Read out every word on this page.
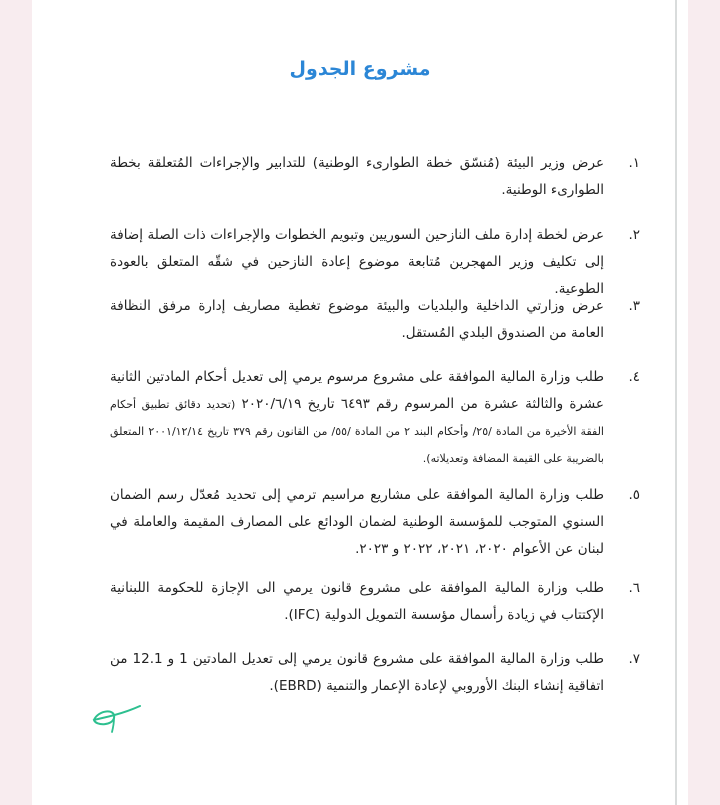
مشروع الجدول
١.
عرض وزير البيئة (مُنسّق خطة الطوارىء الوطنية) للتدابير والإجراءات المُتعلقة بخطة الطوارىء الوطنية.
٢.
عرض لخطة إدارة ملف النازحين السوريين وتبويم الخطوات والإجراءات ذات الصلة إضافة إلى تكليف وزير المهجرين مُتابعة موضوع إعادة النازحين في شقّه المتعلق بالعودة الطوعية.
٣.
عرض وزارتي الداخلية والبلديات والبيئة موضوع تغطية مصاريف إدارة مرفق النظافة العامة من الصندوق البلدي المُستقل.
٤.
طلب وزارة المالية الموافقة على مشروع مرسوم يرمي إلى تعديل أحكام المادتين الثانية عشرة والثالثة عشرة من المرسوم رقم ٦٤٩٣ تاريخ ٢٠٢٠/٦/١٩ (تحديد دقائق تطبيق أحكام الفقة الأخيرة من المادة /٢٥/ وأحكام البند ٢ من المادة /٥٥/ من القانون رقم ٣٧٩ تاريخ ٢٠٠١/١٢/١٤ المتعلق بالضريبة على القيمة المضافة وتعديلاته).
٥.
طلب وزارة المالية الموافقة على مشاريع مراسيم ترمي إلى تحديد مُعدّل رسم الضمان السنوي المتوجب للمؤسسة الوطنية لضمان الودائع على المصارف المقيمة والعاملة في لبنان عن الأعوام ٢٠٢٠، ٢٠٢١، ٢٠٢٢ و ٢٠٢٣.
٦.
طلب وزارة المالية الموافقة على مشروع قانون يرمي الى الإجازة للحكومة اللبنانية الإكتتاب في زيادة رأسمال مؤسسة التمويل الدولية (IFC).
٧.
طلب وزارة المالية الموافقة على مشروع قانون يرمي إلى تعديل المادتين 1 و 12.1 من اتفاقية إنشاء البنك الأوروبي لإعادة الإعمار والتنمية (EBRD).
